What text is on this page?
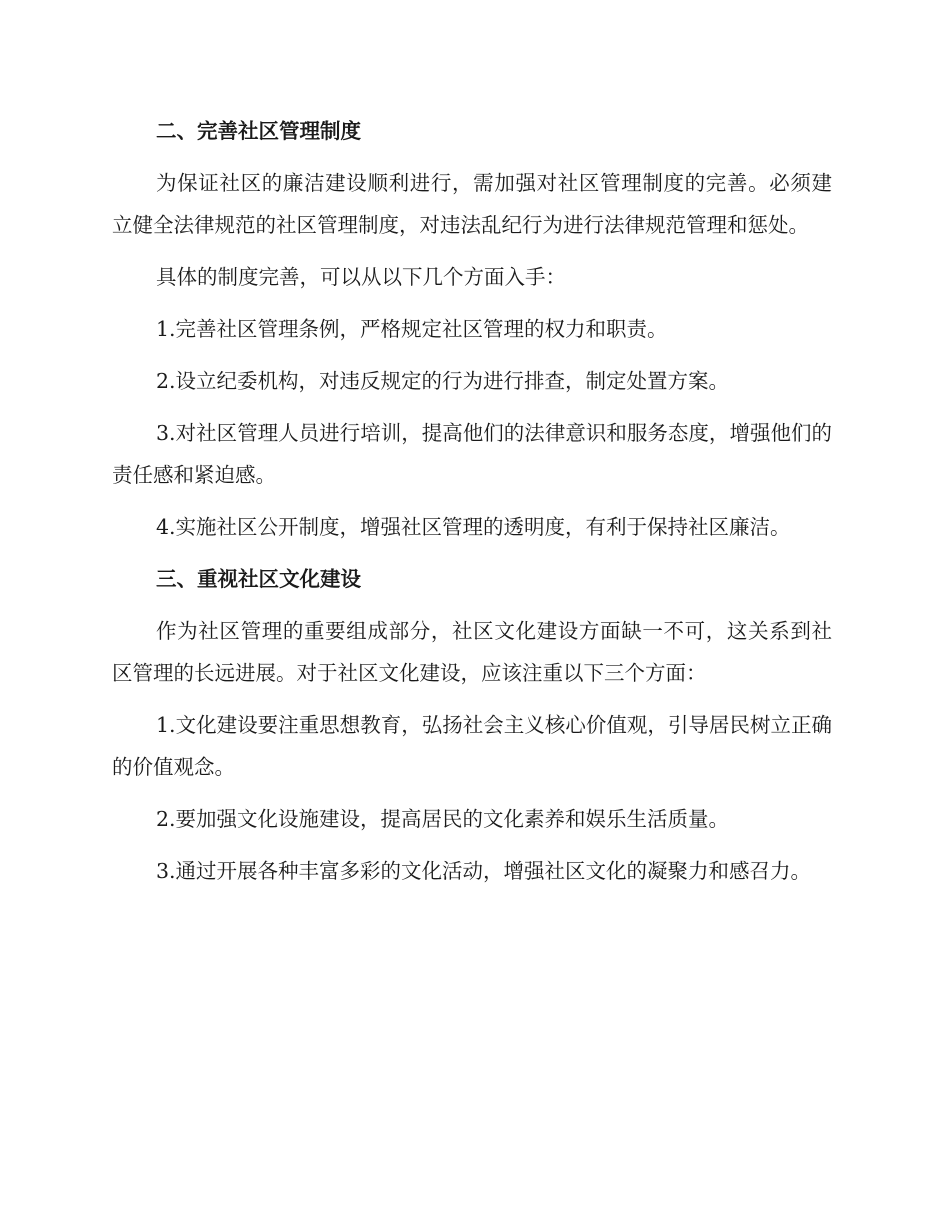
二、完善社区管理制度

为保证社区的廉洁建设顺利进行，需加强对社区管理制度的完善。必须建立健全法律规范的社区管理制度，对违法乱纪行为进行法律规范管理和惩处。

具体的制度完善，可以从以下几个方面入手：

1.完善社区管理条例，严格规定社区管理的权力和职责。

2.设立纪委机构，对违反规定的行为进行排查，制定处置方案。

3.对社区管理人员进行培训，提高他们的法律意识和服务态度，增强他们的责任感和紧迫感。

4.实施社区公开制度，增强社区管理的透明度，有利于保持社区廉洁。

三、重视社区文化建设

作为社区管理的重要组成部分，社区文化建设方面缺一不可，这关系到社区管理的长远进展。对于社区文化建设，应该注重以下三个方面：

1.文化建设要注重思想教育，弘扬社会主义核心价值观，引导居民树立正确的价值观念。

2.要加强文化设施建设，提高居民的文化素养和娱乐生活质量。

3.通过开展各种丰富多彩的文化活动，增强社区文化的凝聚力和感召力。
